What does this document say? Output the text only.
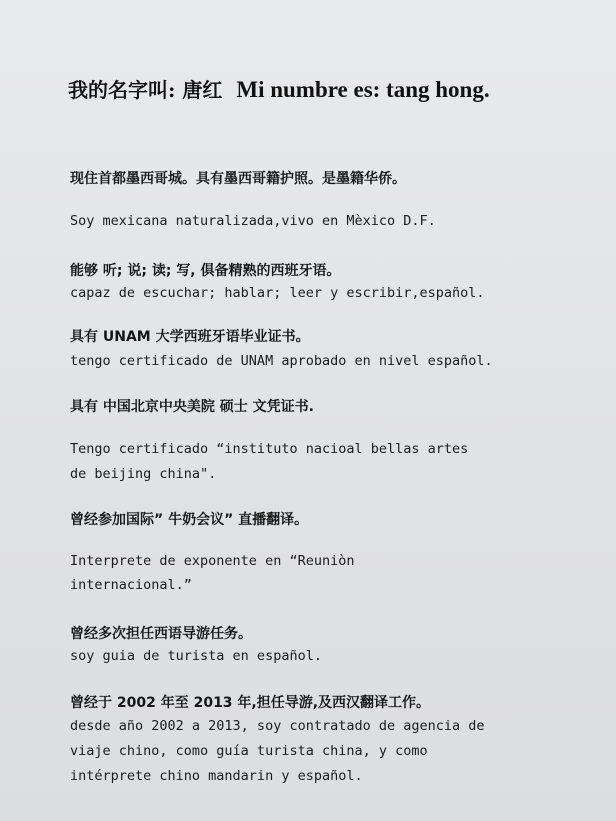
我的名字叫: 唐红 Mi numbre es: tang hong.
现住首都墨西哥城。具有墨西哥籍护照。是墨籍华侨。
Soy mexicana naturalizada,vivo en Mèxico D.F.
能够 听; 说; 读; 写, 俱备精熟的西班牙语。
capaz de escuchar; hablar; leer y escribir,español.
具有 UNAM 大学西班牙语毕业证书。
tengo certificado de UNAM aprobado en nivel español.
具有 中国北京中央美院 硕士 文凭证书.
Tengo certificado “instituto nacioal bellas artes
de beijing china".
曾经参加国际” 牛奶会议” 直播翻译。
Interprete de exponente en “Reuniòn
internacional.”
曾经多次担任西语导游任务。
soy guia de turista en español.
曾经于 2002 年至 2013 年,担任导游,及西汉翻译工作。
desde año 2002 a 2013, soy contratado de agencia de
viaje chino, como guía turista china, y como
intérprete chino mandarin y español.
